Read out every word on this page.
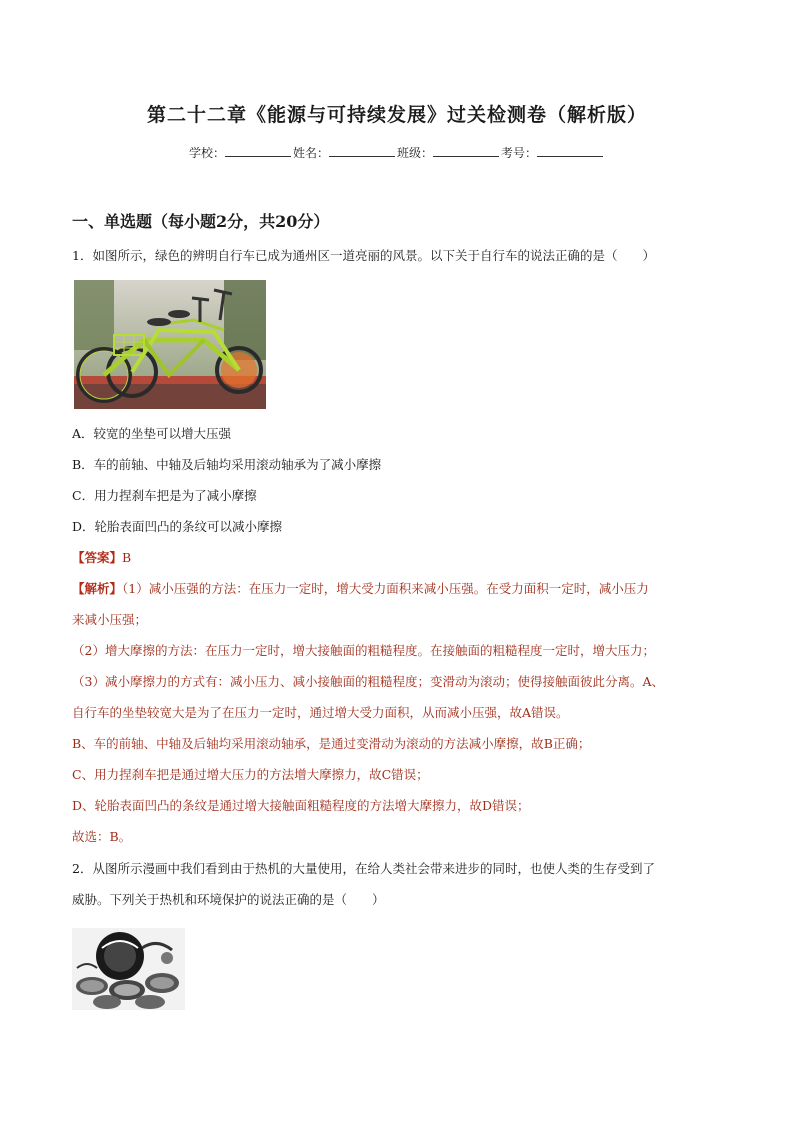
第二十二章《能源与可持续发展》过关检测卷（解析版）
学校：	姓名：	班级：	考号：
一、单选题（每小题2分，共20分）
1．如图所示，绿色的辨明自行车已成为通州区一道亮丽的风景。以下关于自行车的说法正确的是（　　）
A．较宽的坐垫可以增大压强
B．车的前轴、中轴及后轴均采用滚动轴承为了减小摩擦
C．用力捏刹车把是为了减小摩擦
D．轮胎表面凹凸的条纹可以减小摩擦
【答案】B
【解析】（1）减小压强的方法：在压力一定时，增大受力面积来减小压强。在受力面积一定时，减小压力
来减小压强；
（2）增大摩擦的方法：在压力一定时，增大接触面的粗糙程度。在接触面的粗糙程度一定时，增大压力；
（3）减小摩擦力的方式有：减小压力、减小接触面的粗糙程度；变滑动为滚动；使得接触面彼此分离。A、
自行车的坐垫较宽大是为了在压力一定时，通过增大受力面积，从而减小压强，故A错误。
B、车的前轴、中轴及后轴均采用滚动轴承，是通过变滑动为滚动的方法减小摩擦，故B正确；
C、用力捏刹车把是通过增大压力的方法增大摩擦力，故C错误；
D、轮胎表面凹凸的条纹是通过增大接触面粗糙程度的方法增大摩擦力，故D错误；
故选：B。
2．从图所示漫画中我们看到由于热机的大量使用，在给人类社会带来进步的同时，也使人类的生存受到了
威胁。下列关于热机和环境保护的说法正确的是（　　）
